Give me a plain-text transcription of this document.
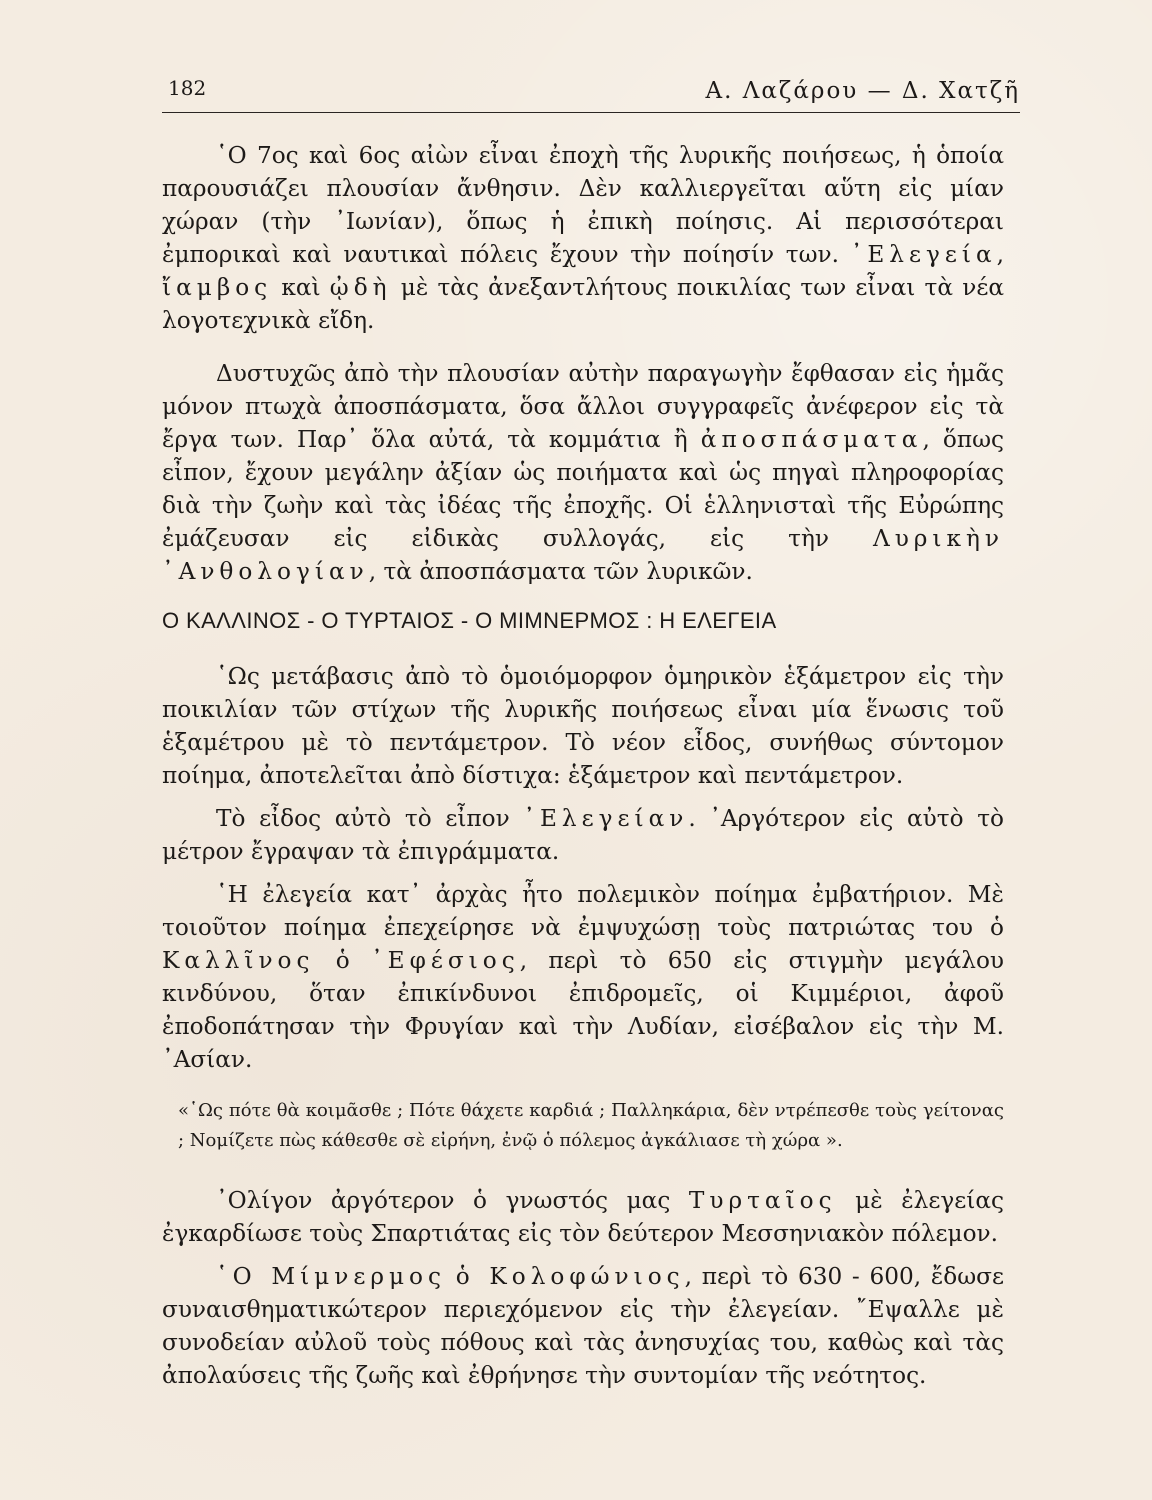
182	Α. Λαζάρου — Δ. Χατζῆ

῾Ο 7ος καὶ 6ος αἰὼν εἶναι ἐποχὴ τῆς λυρικῆς ποιήσεως, ἡ ὁποία παρουσιάζει πλουσίαν ἄνθησιν. Δὲν καλλιεργεῖται αὕτη εἰς μίαν χώραν (τὴν ᾿Ιωνίαν), ὅπως ἡ ἐπικὴ ποίησις. Αἱ περισσότεραι ἐμπορικαὶ καὶ ναυτικαὶ πόλεις ἔχουν τὴν ποίησίν των. ᾿Ελεγεία, ἴαμβος καὶ ᾠδὴ μὲ τὰς ἀνεξαντλήτους ποικιλίας των εἶναι τὰ νέα λογοτεχνικὰ εἴδη.

Δυστυχῶς ἀπὸ τὴν πλουσίαν αὐτὴν παραγωγὴν ἔφθασαν εἰς ἡμᾶς μόνον πτωχὰ ἀποσπάσματα, ὅσα ἄλλοι συγγραφεῖς ἀνέφερον εἰς τὰ ἔργα των. Παρ᾿ ὅλα αὐτά, τὰ κομμάτια ἢ ἀποσπάσματα, ὅπως εἶπον, ἔχουν μεγάλην ἀξίαν ὡς ποιήματα καὶ ὡς πηγαὶ πληροφορίας διὰ τὴν ζωὴν καὶ τὰς ἰδέας τῆς ἐποχῆς. Οἱ ἑλληνισταὶ τῆς Εὐρώπης ἐμάζευσαν εἰς εἰδικὰς συλλογάς, εἰς τὴν Λυρικὴν ᾿Ανθολογίαν, τὰ ἀποσπάσματα τῶν λυρικῶν.

Ο ΚΑΛΛΙΝΟΣ - Ο ΤΥΡΤΑΙΟΣ - Ο ΜΙΜΝΕΡΜΟΣ : Η ΕΛΕΓΕΙΑ

῾Ως μετάβασις ἀπὸ τὸ ὁμοιόμορφον ὁμηρικὸν ἑξάμετρον εἰς τὴν ποικιλίαν τῶν στίχων τῆς λυρικῆς ποιήσεως εἶναι μία ἕνωσις τοῦ ἑξαμέτρου μὲ τὸ πεντάμετρον. Τὸ νέον εἶδος, συνήθως σύντομον ποίημα, ἀποτελεῖται ἀπὸ δίστιχα: ἑξάμετρον καὶ πεντάμετρον.

Τὸ εἶδος αὐτὸ τὸ εἶπον ᾿Ελεγείαν. ᾿Αργότερον εἰς αὐτὸ τὸ μέτρον ἔγραψαν τὰ ἐπιγράμματα.

῾Η ἐλεγεία κατ᾿ ἀρχὰς ἦτο πολεμικὸν ποίημα ἐμβατήριον. Μὲ τοιοῦτον ποίημα ἐπεχείρησε νὰ ἐμψυχώσῃ τοὺς πατριώτας του ὁ Καλλῖνος ὁ ᾿Εφέσιος, περὶ τὸ 650 εἰς στιγμὴν μεγάλου κινδύνου, ὅταν ἐπικίνδυνοι ἐπιδρομεῖς, οἱ Κιμμέριοι, ἀφοῦ ἐποδοπάτησαν τὴν Φρυγίαν καὶ τὴν Λυδίαν, εἰσέβαλον εἰς τὴν Μ. ᾿Ασίαν.

«῾Ως πότε θὰ κοιμᾶσθε ; Πότε θάχετε καρδιά ; Παλληκάρια, δὲν ντρέπεσθε τοὺς γείτονας ; Νομίζετε πὼς κάθεσθε σὲ εἰρήνη, ἐνῷ ὁ πόλεμος ἀγκάλιασε τὴ χώρα ».

᾿Ολίγον ἀργότερον ὁ γνωστός μας Τυρταῖος μὲ ἐλεγείας ἐγκαρδίωσε τοὺς Σπαρτιάτας εἰς τὸν δεύτερον Μεσσηνιακὸν πόλεμον.

῾Ο Μίμνερμος ὁ Κολοφώνιος, περὶ τὸ 630 - 600, ἔδωσε συναισθηματικώτερον περιεχόμενον εἰς τὴν ἐλεγείαν. ῎Εψαλλε μὲ συνοδείαν αὐλοῦ τοὺς πόθους καὶ τὰς ἀνησυχίας του, καθὼς καὶ τὰς ἀπολαύσεις τῆς ζωῆς καὶ ἐθρήνησε τὴν συντομίαν τῆς νεότητος.
